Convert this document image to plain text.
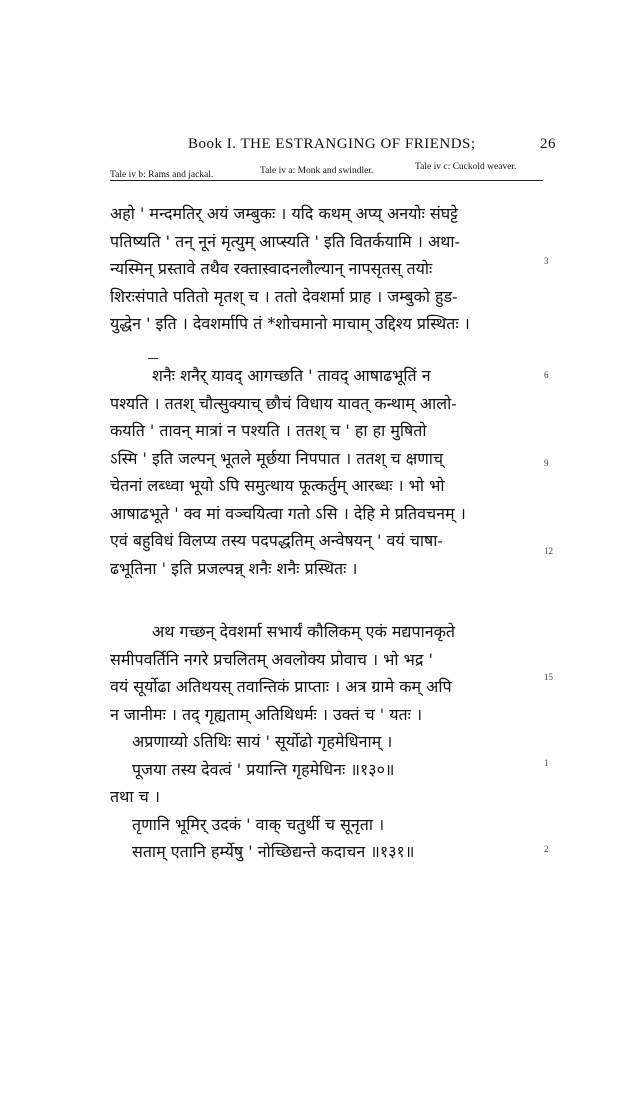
Book I. THE ESTRANGING OF FRIENDS;	26
Tale iv b: Rams and jackal.	Tale iv a: Monk and swindler.	Tale iv c: Cuckold weaver.
अहो ' मन्दमतिर् अयं जम्बुकः । यदि कथम् अप्य् अनयोः संघट्टे
पतिष्यति ' तन् नूनं मृत्युम् आप्स्यति ' इति वितर्कयामि । अथा-
न्यस्मिन् प्रस्तावे तथैव रक्तास्वादनलौल्यान् नापसृतस् तयोः
शिरःसंपाते पतितो मृतश् च । ततो देवशर्मा प्राह । जम्बुको हुड-
युद्धेन ' इति । देवशर्मापि तं *शोचमानो माचाम् उद्दिश्य प्रस्थितः ।
शनैः शनैर् यावद् आगच्छति ' तावद् आषाढभूतिं न
पश्यति । ततश् चौत्सुक्याच् छौचं विधाय यावत् कन्थाम् आलो-
कयति ' तावन् मात्रां न पश्यति । ततश् च ' हा हा मुषितो
ऽस्मि ' इति जल्पन् भूतले मूर्छया निपपात । ततश् च क्षणाच्
चेतनां लब्ध्वा भूयो ऽपि समुत्थाय फूत्कर्तुम् आरब्धः । भो भो
आषाढभूते ' क्व मां वञ्चयित्वा गतो ऽसि । देहि मे प्रतिवचनम् ।
एवं बहुविधं विलप्य तस्य पदपद्धतिम् अन्वेषयन् ' वयं चाषा-
ढभूतिना ' इति प्रजल्पन्न् शनैः शनैः प्रस्थितः ।
अथ गच्छन् देवशर्मा सभार्यं कौलिकम् एकं मद्यपानकृते
समीपवर्तिनि नगरे प्रचलितम् अवलोक्य प्रोवाच । भो भद्र '
वयं सूर्योढा अतिथयस् तवान्तिकं प्राप्ताः । अत्र ग्रामे कम् अपि
न जानीमः । तद् गृह्यताम् अतिथिधर्मः । उक्तं च ' यतः ।
अप्रणाय्यो ऽतिथिः सायं ' सूर्योढो गृहमेधिनाम् ।
पूजया तस्य देवत्वं ' प्रयान्ति गृहमेधिनः ॥१३०॥
तथा च ।
तृणानि भूमिर् उदकं ' वाक् चतुर्थी च सूनृता ।
सताम् एतानि हर्म्येषु ' नोच्छिद्यन्ते कदाचन ॥१३१॥
3
6
9
12
15
1
2
